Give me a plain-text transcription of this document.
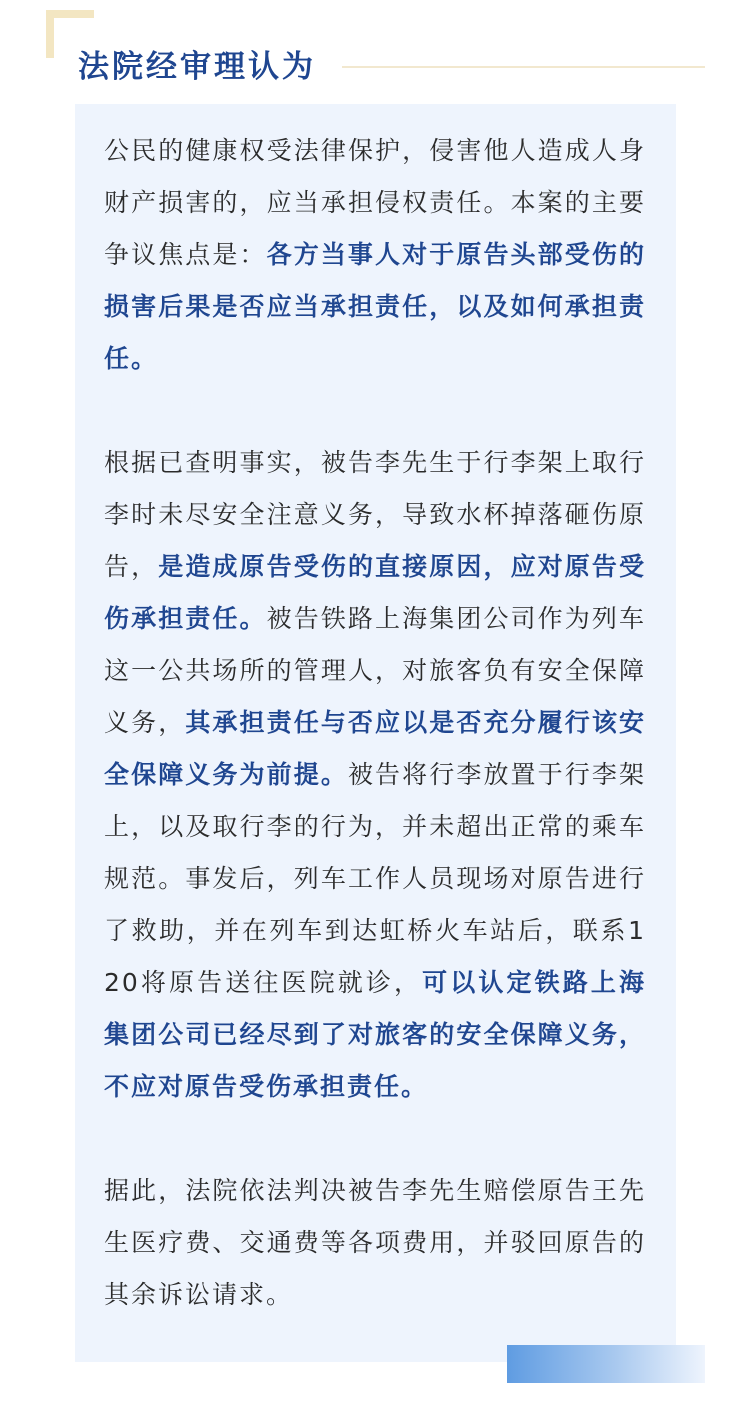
法院经审理认为

公民的健康权受法律保护，侵害他人造成人身财产损害的，应当承担侵权责任。本案的主要争议焦点是：各方当事人对于原告头部受伤的损害后果是否应当承担责任，以及如何承担责任。

根据已查明事实，被告李先生于行李架上取行李时未尽安全注意义务，导致水杯掉落砸伤原告，是造成原告受伤的直接原因，应对原告受伤承担责任。被告铁路上海集团公司作为列车这一公共场所的管理人，对旅客负有安全保障义务，其承担责任与否应以是否充分履行该安全保障义务为前提。被告将行李放置于行李架上，以及取行李的行为，并未超出正常的乘车规范。事发后，列车工作人员现场对原告进行了救助，并在列车到达虹桥火车站后，联系120将原告送往医院就诊，可以认定铁路上海集团公司已经尽到了对旅客的安全保障义务，不应对原告受伤承担责任。

据此，法院依法判决被告李先生赔偿原告王先生医疗费、交通费等各项费用，并驳回原告的其余诉讼请求。
